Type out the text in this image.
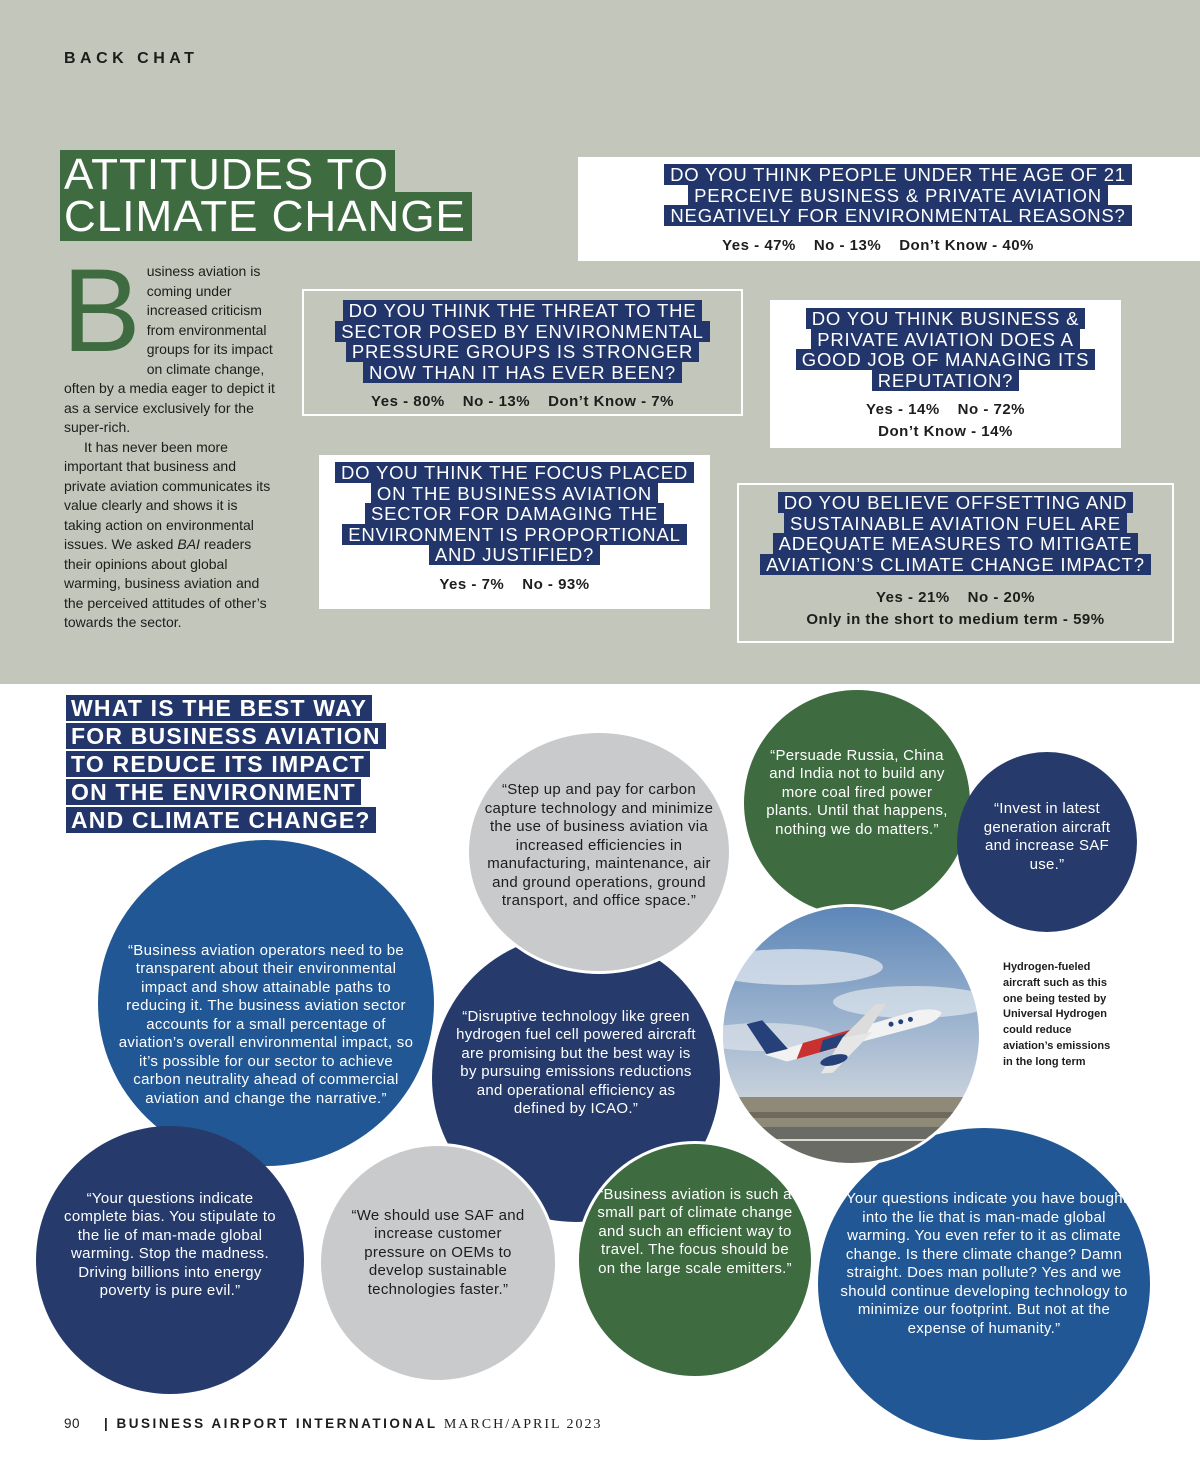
BACK CHAT
ATTITUDES TO CLIMATE CHANGE
B usiness aviation is coming under increased criticism from environmental groups for its impact on climate change, often by a media eager to depict it as a service exclusively for the super-rich.

It has never been more important that business and private aviation communicates its value clearly and shows it is taking action on environmental issues. We asked BAI readers their opinions about global warming, business aviation and the perceived attitudes of other’s towards the sector.

DO YOU THINK PEOPLE UNDER THE AGE OF 21 PERCEIVE BUSINESS & PRIVATE AVIATION NEGATIVELY FOR ENVIRONMENTAL REASONS?
Yes - 47% No - 13% Don’t Know - 40%
DO YOU THINK THE THREAT TO THE SECTOR POSED BY ENVIRONMENTAL PRESSURE GROUPS IS STRONGER NOW THAN IT HAS EVER BEEN?
Yes - 80% No - 13% Don’t Know - 7%
DO YOU THINK BUSINESS & PRIVATE AVIATION DOES A GOOD JOB OF MANAGING ITS REPUTATION?
Yes - 14% No - 72%
Don’t Know - 14%
DO YOU THINK THE FOCUS PLACED ON THE BUSINESS AVIATION SECTOR FOR DAMAGING THE ENVIRONMENT IS PROPORTIONAL AND JUSTIFIED?
Yes - 7% No - 93%
DO YOU BELIEVE OFFSETTING AND SUSTAINABLE AVIATION FUEL ARE ADEQUATE MEASURES TO MITIGATE AVIATION’S CLIMATE CHANGE IMPACT?
Yes - 21% No - 20%
Only in the short to medium term - 59%
WHAT IS THE BEST WAY FOR BUSINESS AVIATION TO REDUCE ITS IMPACT ON THE ENVIRONMENT AND CLIMATE CHANGE?
“Business aviation operators need to be transparent about their environmental impact and show attainable paths to reducing it. The business aviation sector accounts for a small percentage of aviation’s overall environmental impact, so it’s possible for our sector to achieve carbon neutrality ahead of commercial aviation and change the narrative.”
“Disruptive technology like green hydrogen fuel cell powered aircraft are promising but the best way is by pursuing emissions reductions and operational efficiency as defined by ICAO.”
“Step up and pay for carbon capture technology and minimize the use of business aviation via increased efficiencies in manufacturing, maintenance, air and ground operations, ground transport, and office space.”
“Persuade Russia, China and India not to build any more coal fired power plants. Until that happens, nothing we do matters.”
“Invest in latest generation aircraft and increase SAF use.”
“Your questions indicate you have bought into the lie that is man-made global warming. You even refer to it as climate change. Is there climate change? Damn straight. Does man pollute? Yes and we should continue developing technology to minimize our footprint. But not at the expense of humanity.”
“Your questions indicate complete bias. You stipulate to the lie of man-made global warming. Stop the madness. Driving billions into energy poverty is pure evil.”
“We should use SAF and increase customer pressure on OEMs to develop sustainable technologies faster.”
“Business aviation is such a small part of climate change and such an efficient way to travel. The focus should be on the large scale emitters.”
Hydrogen-fueled aircraft such as this one being tested by Universal Hydrogen could reduce aviation’s emissions in the long term
90 | BUSINESS AIRPORT INTERNATIONAL MARCH/APRIL 2023
